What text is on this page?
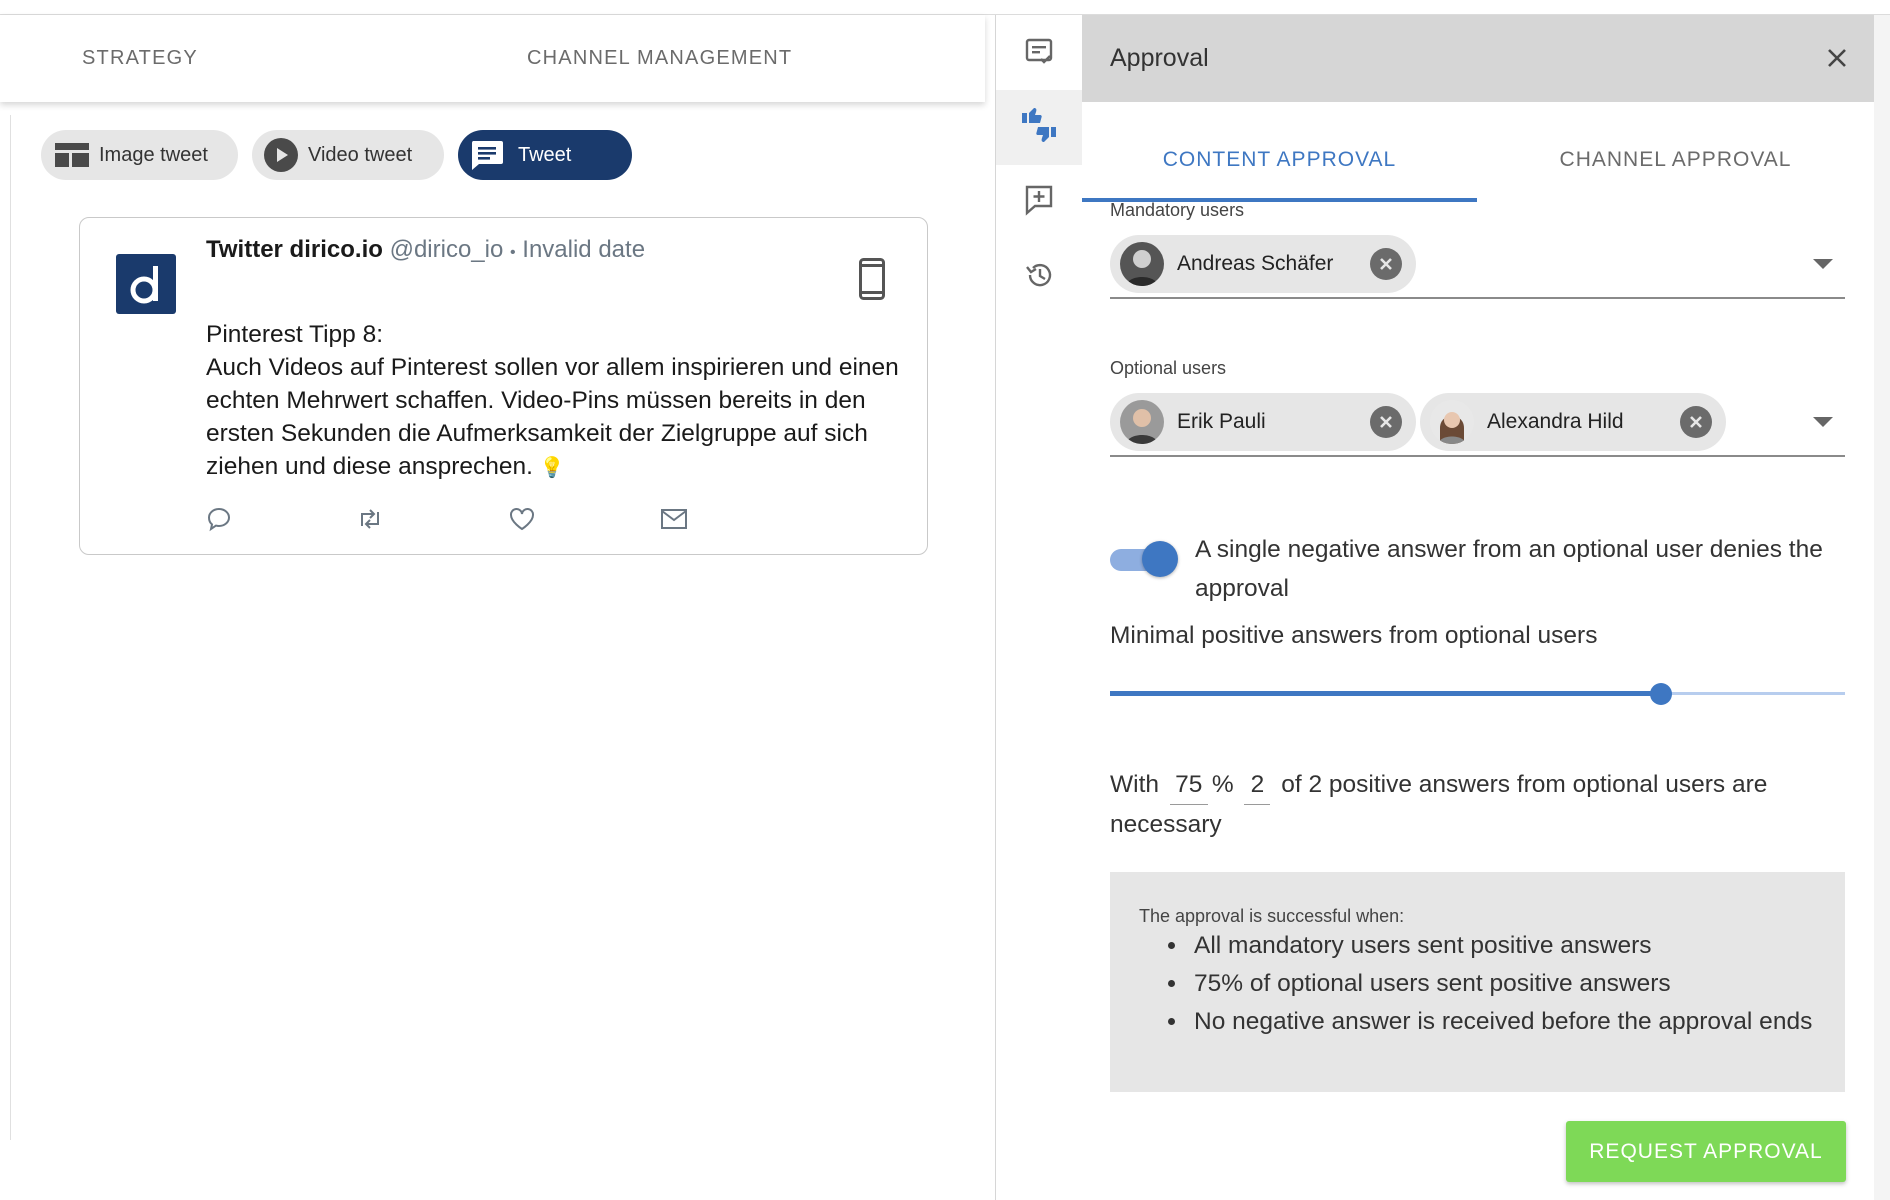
STRATEGY	CHANNEL MANAGEMENT
Image tweet	Video tweet	Tweet
Twitter dirico.io @dirico_io • Invalid date
Pinterest Tipp 8:
Auch Videos auf Pinterest sollen vor allem inspirieren und einen echten Mehrwert schaffen. Video-Pins müssen bereits in den ersten Sekunden die Aufmerksamkeit der Zielgruppe auf sich ziehen und diese ansprechen. 💡
Approval
CONTENT APPROVAL	CHANNEL APPROVAL
Mandatory users
Andreas Schäfer
Optional users
Erik Pauli	Alexandra Hild
A single negative answer from an optional user denies the approval
Minimal positive answers from optional users
With 75 % 2 of 2 positive answers from optional users are necessary
The approval is successful when:
• All mandatory users sent positive answers
• 75% of optional users sent positive answers
• No negative answer is received before the approval ends
REQUEST APPROVAL
